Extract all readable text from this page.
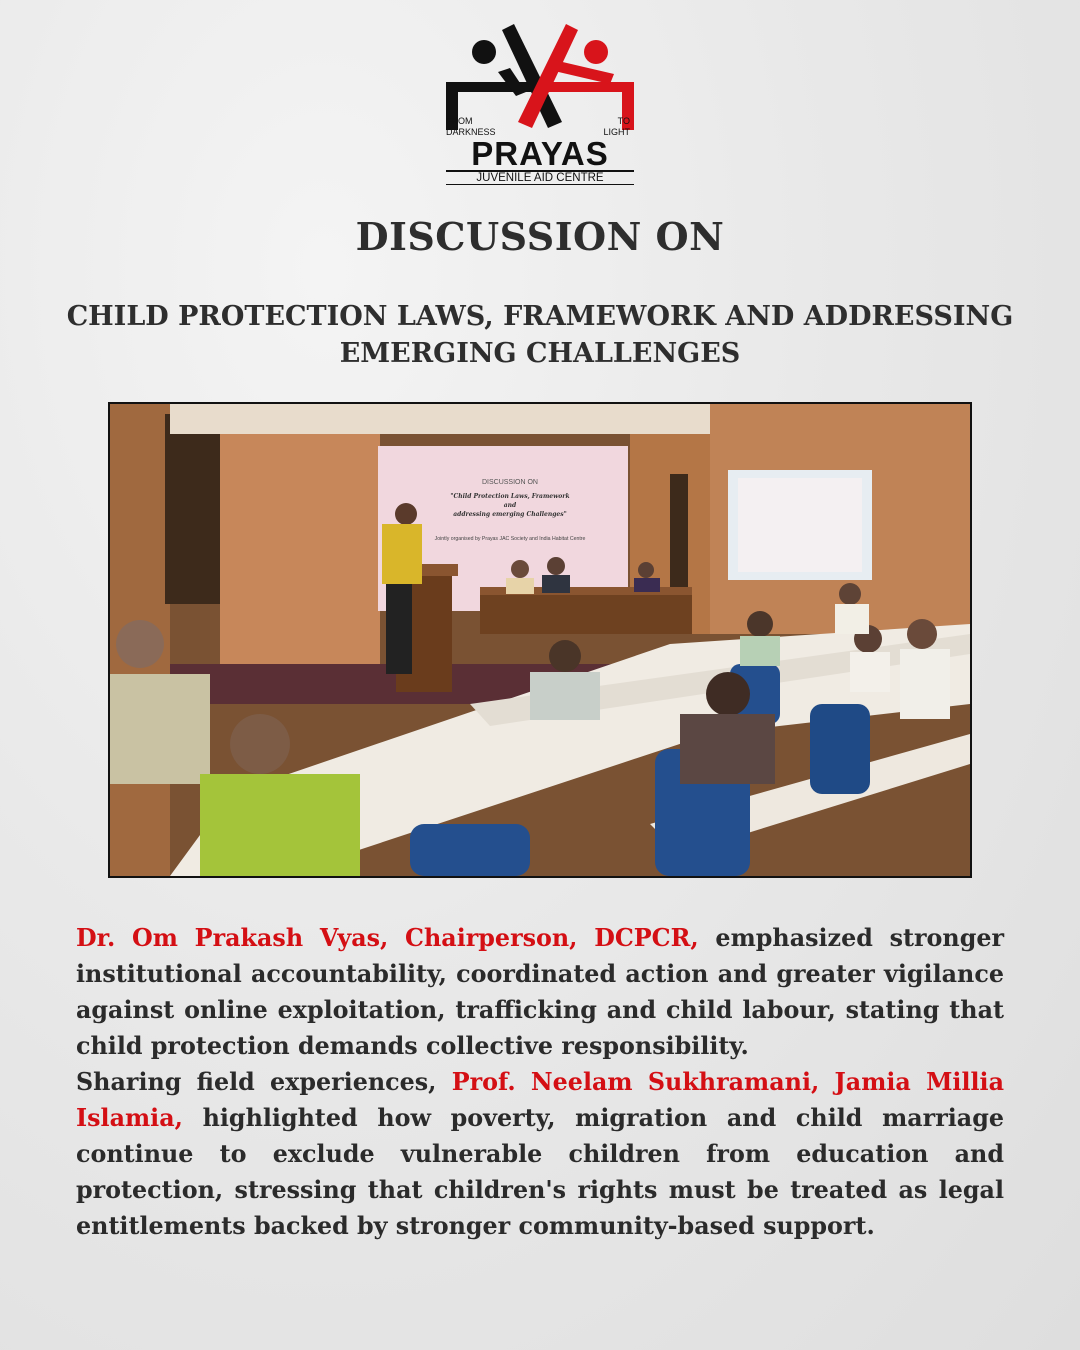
FROM
DARKNESS
TO
LIGHT
PRAYAS
JUVENILE AID CENTRE
DISCUSSION ON
CHILD PROTECTION LAWS, FRAMEWORK AND ADDRESSING EMERGING CHALLENGES
DISCUSSION ON
"Child Protection Laws, Framework
and
addressing emerging Challenges"
Jointly organised by Prayas JAC Society and India Habitat Centre

Dr. Om Prakash Vyas, Chairperson, DCPCR, emphasized stronger institutional accountability, coordinated action and greater vigilance against online exploitation, trafficking and child labour, stating that child protection demands collective responsibility.

Sharing field experiences, Prof. Neelam Sukhramani, Jamia Millia Islamia, highlighted how poverty, migration and child marriage continue to exclude vulnerable children from education and protection, stressing that children's rights must be treated as legal entitlements backed by stronger community-based support.
